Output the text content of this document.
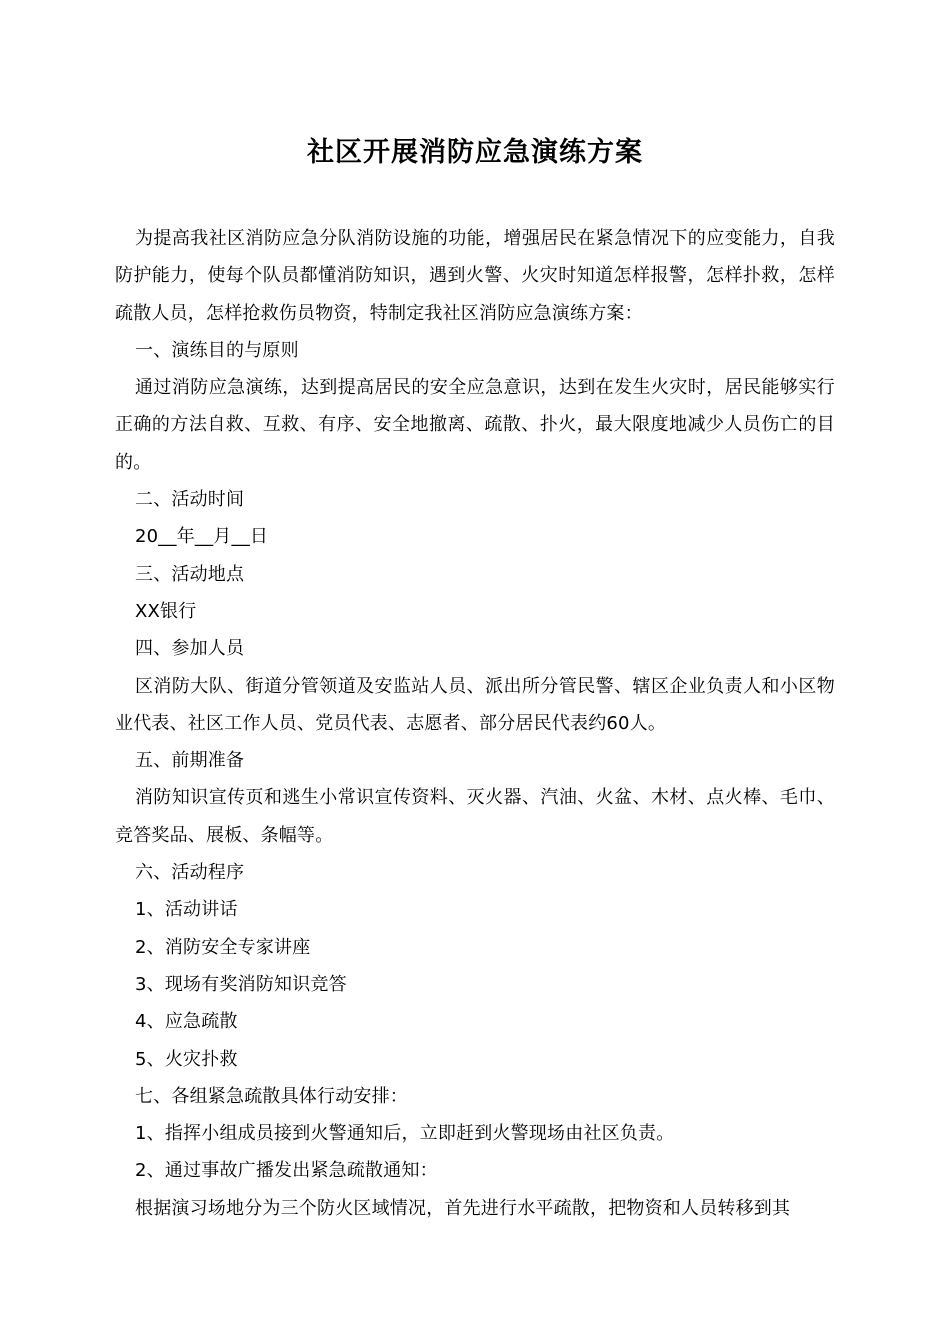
社区开展消防应急演练方案

为提高我社区消防应急分队消防设施的功能，增强居民在紧急情况下的应变能力，自我防护能力，使每个队员都懂消防知识，遇到火警、火灾时知道怎样报警，怎样扑救，怎样疏散人员，怎样抢救伤员物资，特制定我社区消防应急演练方案：

一、演练目的与原则

通过消防应急演练，达到提高居民的安全应急意识，达到在发生火灾时，居民能够实行正确的方法自救、互救、有序、安全地撤离、疏散、扑火，最大限度地减少人员伤亡的目的。

二、活动时间

20__年__月__日

三、活动地点

XX银行

四、参加人员

区消防大队、街道分管领道及安监站人员、派出所分管民警、辖区企业负责人和小区物业代表、社区工作人员、党员代表、志愿者、部分居民代表约60人。

五、前期准备

消防知识宣传页和逃生小常识宣传资料、灭火器、汽油、火盆、木材、点火棒、毛巾、竞答奖品、展板、条幅等。

六、活动程序

1、活动讲话

2、消防安全专家讲座

3、现场有奖消防知识竞答

4、应急疏散

5、火灾扑救

七、各组紧急疏散具体行动安排：

1、指挥小组成员接到火警通知后，立即赶到火警现场由社区负责。

2、通过事故广播发出紧急疏散通知：

根据演习场地分为三个防火区域情况，首先进行水平疏散，把物资和人员转移到其
